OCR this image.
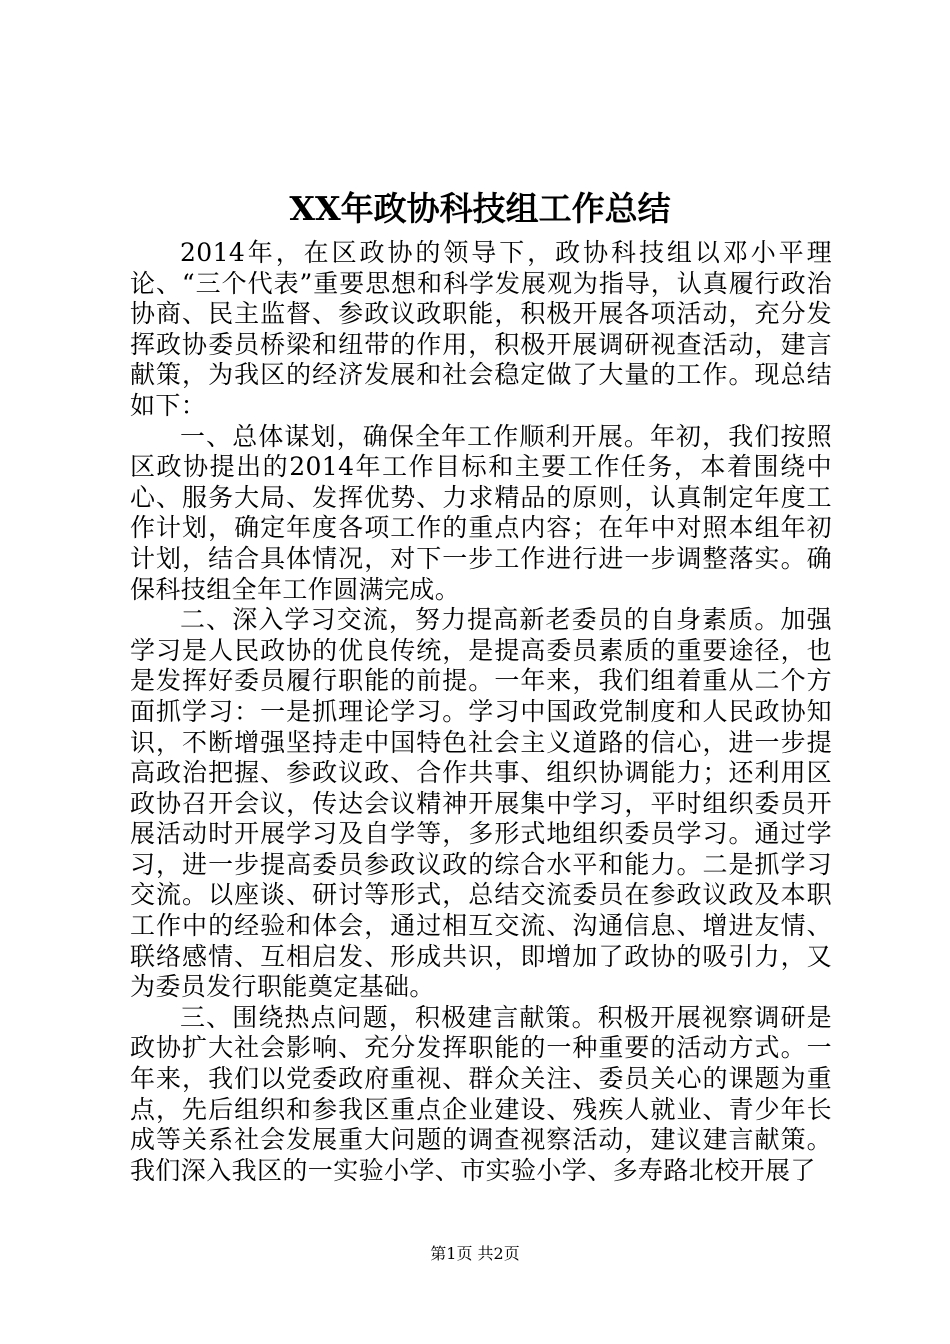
XX年政协科技组工作总结

2014年，在区政协的领导下，政协科技组以邓小平理论、“三个代表”重要思想和科学发展观为指导，认真履行政治协商、民主监督、参政议政职能，积极开展各项活动，充分发挥政协委员桥梁和纽带的作用，积极开展调研视查活动，建言献策，为我区的经济发展和社会稳定做了大量的工作。现总结如下：

一、总体谋划，确保全年工作顺利开展。年初，我们按照区政协提出的2014年工作目标和主要工作任务，本着围绕中心、服务大局、发挥优势、力求精品的原则，认真制定年度工作计划，确定年度各项工作的重点内容；在年中对照本组年初计划，结合具体情况，对下一步工作进行进一步调整落实。确保科技组全年工作圆满完成。

二、深入学习交流，努力提高新老委员的自身素质。加强学习是人民政协的优良传统，是提高委员素质的重要途径，也是发挥好委员履行职能的前提。一年来，我们组着重从二个方面抓学习：一是抓理论学习。学习中国政党制度和人民政协知识，不断增强坚持走中国特色社会主义道路的信心，进一步提高政治把握、参政议政、合作共事、组织协调能力；还利用区政协召开会议，传达会议精神开展集中学习，平时组织委员开展活动时开展学习及自学等，多形式地组织委员学习。通过学习，进一步提高委员参政议政的综合水平和能力。二是抓学习交流。以座谈、研讨等形式，总结交流委员在参政议政及本职工作中的经验和体会，通过相互交流、沟通信息、增进友情、联络感情、互相启发、形成共识，即增加了政协的吸引力，又为委员发行职能奠定基础。

三、围绕热点问题，积极建言献策。积极开展视察调研是政协扩大社会影响、充分发挥职能的一种重要的活动方式。一年来，我们以党委政府重视、群众关注、委员关心的课题为重点，先后组织和参我区重点企业建设、残疾人就业、青少年长成等关系社会发展重大问题的调查视察活动，建议建言献策。我们深入我区的一实验小学、市实验小学、多寿路北校开展了

第1页 共2页
